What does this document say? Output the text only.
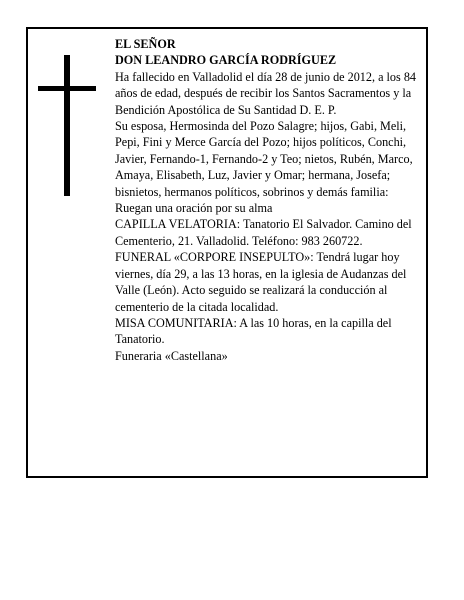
EL SEÑOR

DON LEANDRO GARCÍA RODRÍGUEZ

Ha fallecido en Valladolid el día 28 de junio de 2012, a los 84 años de edad, después de recibir los Santos Sacramentos y la Bendición Apostólica de Su Santidad D. E. P.

Su esposa, Hermosinda del Pozo Salagre; hijos, Gabi, Meli, Pepi, Fini y Merce García del Pozo; hijos políticos, Conchi, Javier, Fernando-1, Fernando-2 y Teo; nietos, Rubén, Marco, Amaya, Elisabeth, Luz, Javier y Omar; hermana, Josefa; bisnietos, hermanos políticos, sobrinos y demás familia:

Ruegan una oración por su alma

CAPILLA VELATORIA: Tanatorio El Salvador. Camino del Cementerio, 21. Valladolid. Teléfono: 983 260722.

FUNERAL «CORPORE INSEPULTO»: Tendrá lugar hoy viernes, día 29, a las 13 horas, en la iglesia de Audanzas del Valle (León). Acto seguido se realizará la conducción al cementerio de la citada localidad.

MISA COMUNITARIA: A las 10 horas, en la capilla del Tanatorio.

Funeraria «Castellana»
